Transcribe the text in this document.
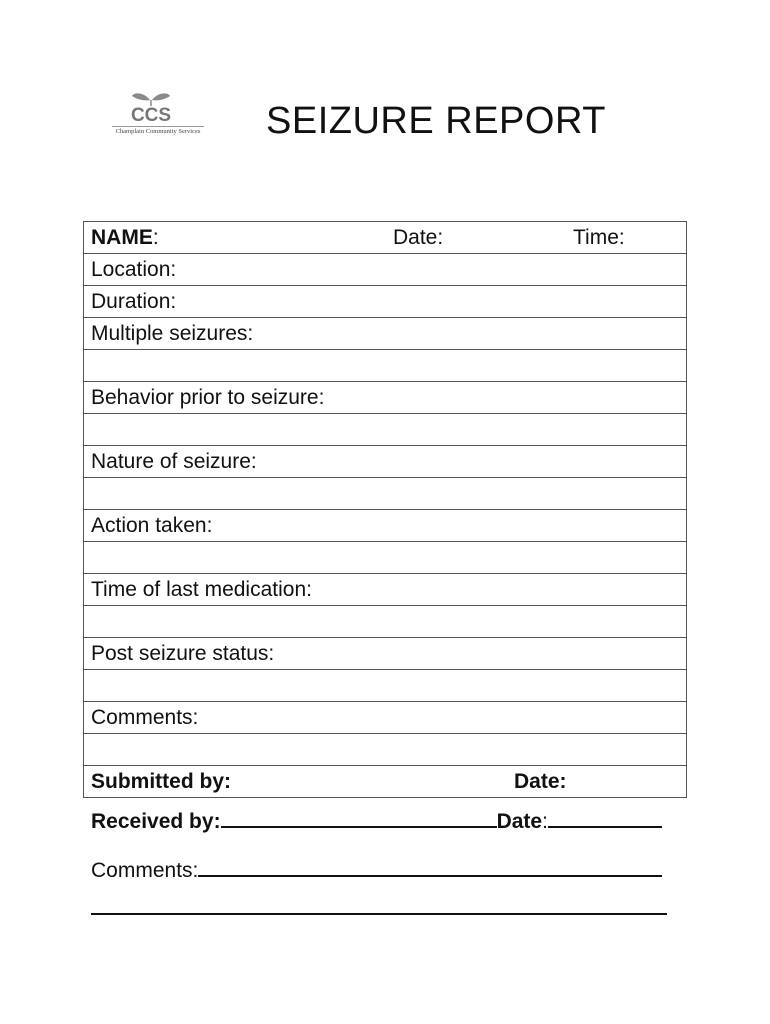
CCS
Champlain Community Services SEIZURE REPORT
NAME:	Date:	Time:

Location:
Duration:
Multiple seizures:

Behavior prior to seizure:

Nature of seizure:

Action taken:

Time of last medication:

Post seizure status:

Comments:

Submitted by:	Date:
Received by:	Date:
Comments:
